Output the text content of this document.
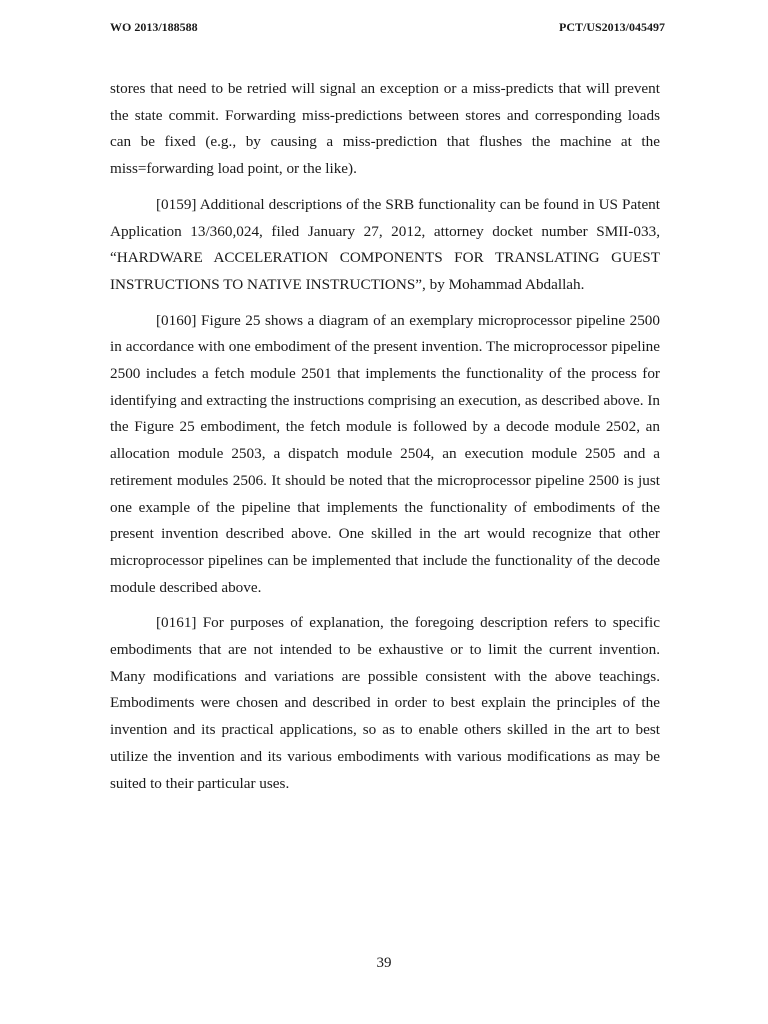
WO 2013/188588	PCT/US2013/045497

stores that need to be retried will signal an exception or a miss-predicts that will prevent the state commit. Forwarding miss-predictions between stores and corresponding loads can be fixed (e.g., by causing a miss-prediction that flushes the machine at the miss=forwarding load point, or the like).

[0159] Additional descriptions of the SRB functionality can be found in US Patent Application 13/360,024, filed January 27, 2012, attorney docket number SMII-033, “HARDWARE ACCELERATION COMPONENTS FOR TRANSLATING GUEST INSTRUCTIONS TO NATIVE INSTRUCTIONS”, by Mohammad Abdallah.

[0160] Figure 25 shows a diagram of an exemplary microprocessor pipeline 2500 in accordance with one embodiment of the present invention. The microprocessor pipeline 2500 includes a fetch module 2501 that implements the functionality of the process for identifying and extracting the instructions comprising an execution, as described above. In the Figure 25 embodiment, the fetch module is followed by a decode module 2502, an allocation module 2503, a dispatch module 2504, an execution module 2505 and a retirement modules 2506. It should be noted that the microprocessor pipeline 2500 is just one example of the pipeline that implements the functionality of embodiments of the present invention described above. One skilled in the art would recognize that other microprocessor pipelines can be implemented that include the functionality of the decode module described above.

[0161] For purposes of explanation, the foregoing description refers to specific embodiments that are not intended to be exhaustive or to limit the current invention. Many modifications and variations are possible consistent with the above teachings. Embodiments were chosen and described in order to best explain the principles of the invention and its practical applications, so as to enable others skilled in the art to best utilize the invention and its various embodiments with various modifications as may be suited to their particular uses.

39
